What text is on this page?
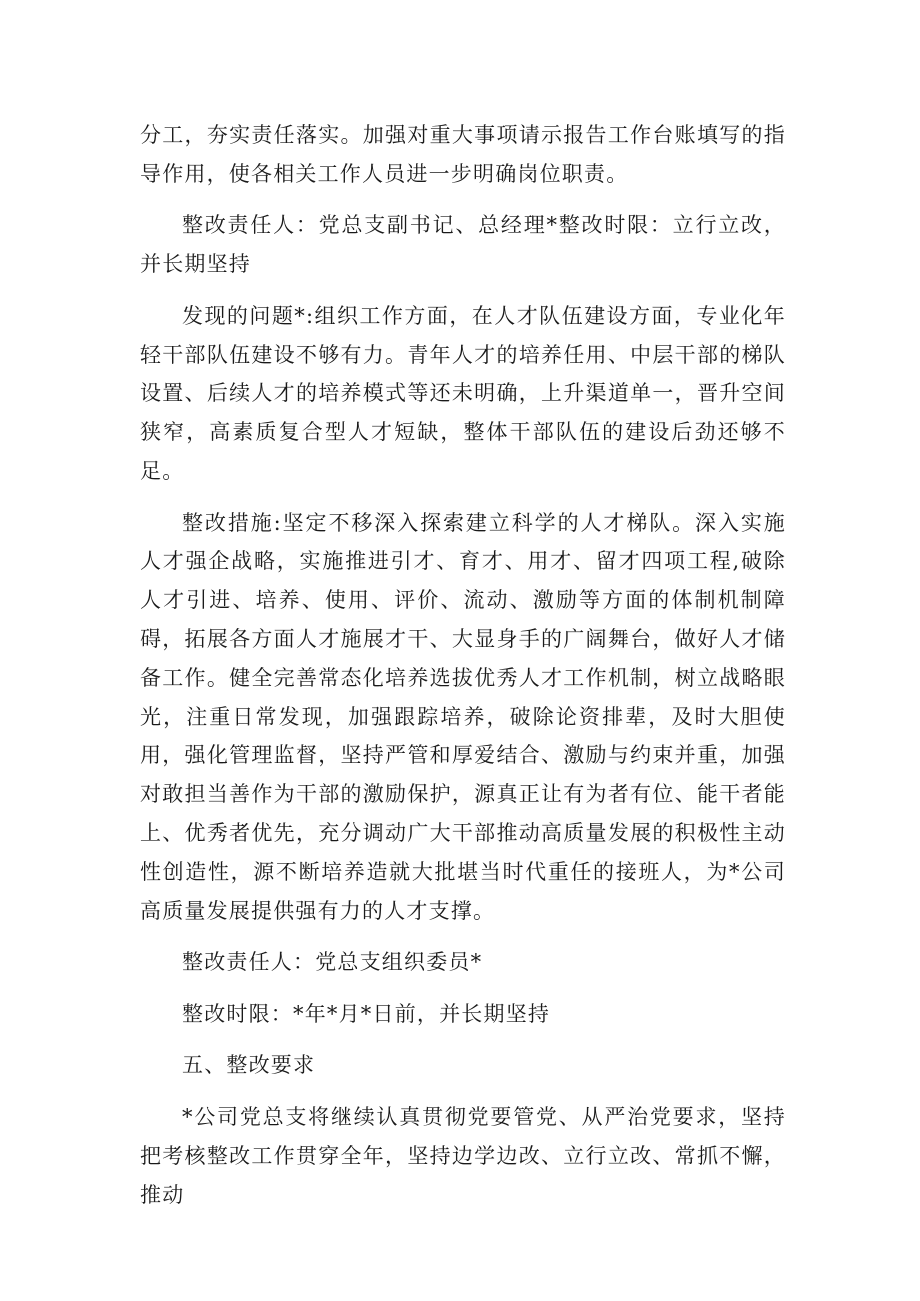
分工，夯实责任落实。加强对重大事项请示报告工作台账填写的指导作用，使各相关工作人员进一步明确岗位职责。

整改责任人：党总支副书记、总经理*整改时限：立行立改，并长期坚持

发现的问题*:组织工作方面，在人才队伍建设方面，专业化年轻干部队伍建设不够有力。青年人才的培养任用、中层干部的梯队设置、后续人才的培养模式等还未明确，上升渠道单一，晋升空间狭窄，高素质复合型人才短缺，整体干部队伍的建设后劲还够不足。

整改措施:坚定不移深入探索建立科学的人才梯队。深入实施人才强企战略，实施推进引才、育才、用才、留才四项工程,破除人才引进、培养、使用、评价、流动、激励等方面的体制机制障碍，拓展各方面人才施展才干、大显身手的广阔舞台，做好人才储备工作。健全完善常态化培养选拔优秀人才工作机制，树立战略眼光，注重日常发现，加强跟踪培养，破除论资排辈，及时大胆使用，强化管理监督，坚持严管和厚爱结合、激励与约束并重，加强对敢担当善作为干部的激励保护，源真正让有为者有位、能干者能上、优秀者优先，充分调动广大干部推动高质量发展的积极性主动性创造性，源不断培养造就大批堪当时代重任的接班人，为*公司高质量发展提供强有力的人才支撑。

整改责任人：党总支组织委员*

整改时限：*年*月*日前，并长期坚持

五、整改要求

*公司党总支将继续认真贯彻党要管党、从严治党要求，坚持把考核整改工作贯穿全年，坚持边学边改、立行立改、常抓不懈，推动
